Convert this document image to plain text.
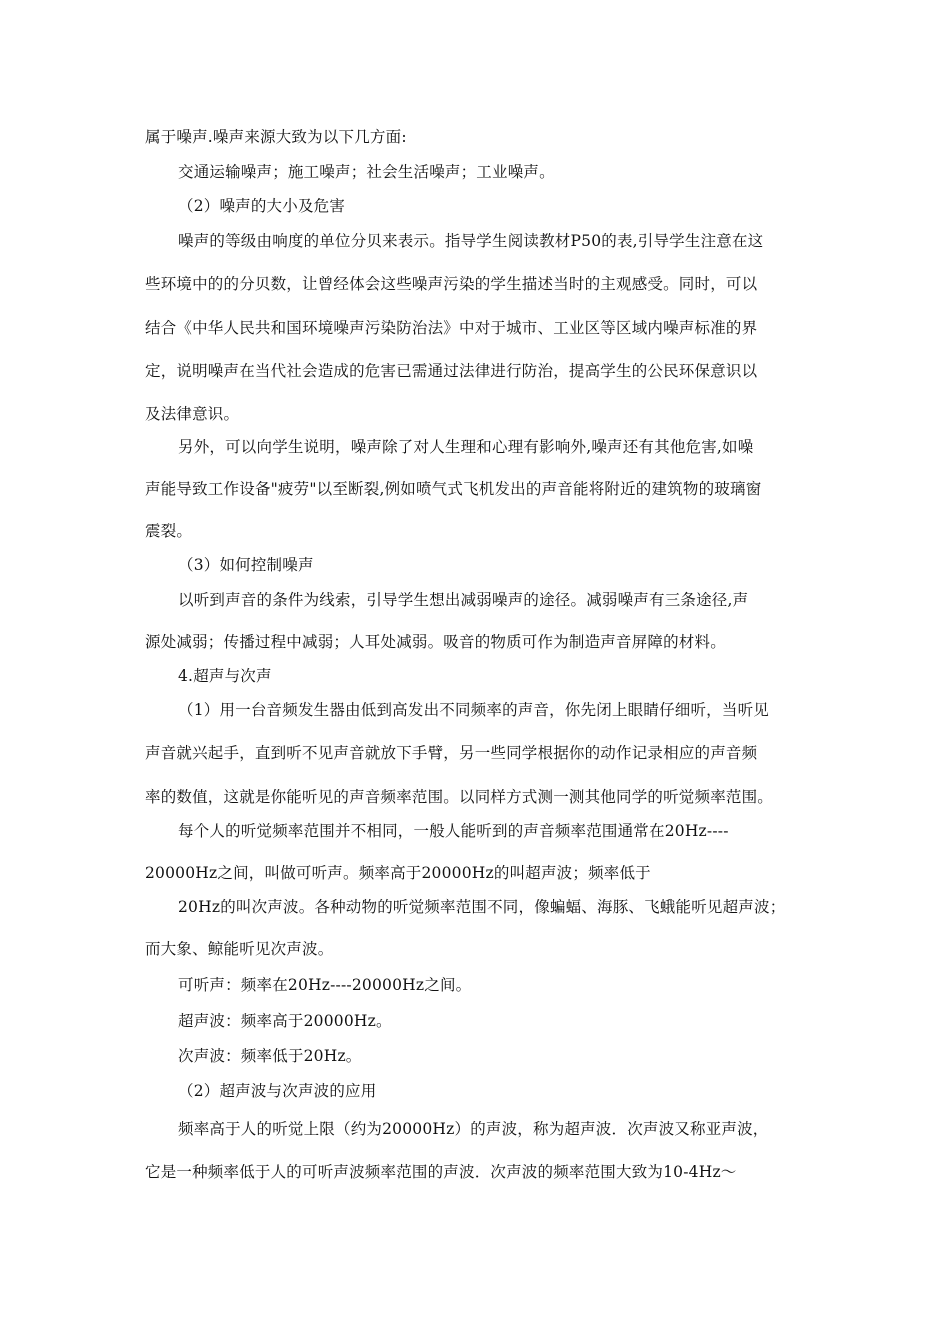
属于噪声.噪声来源大致为以下几方面:
交通运输噪声；施工噪声；社会生活噪声；工业噪声。
（2）噪声的大小及危害
噪声的等级由响度的单位分贝来表示。指导学生阅读教材P50的表,引导学生注意在这
些环境中的的分贝数，让曾经体会这些噪声污染的学生描述当时的主观感受。同时，可以
结合《中华人民共和国环境噪声污染防治法》中对于城市、工业区等区域内噪声标准的界
定，说明噪声在当代社会造成的危害已需通过法律进行防治，提高学生的公民环保意识以
及法律意识。
另外，可以向学生说明，噪声除了对人生理和心理有影响外,噪声还有其他危害,如噪
声能导致工作设备"疲劳"以至断裂,例如喷气式飞机发出的声音能将附近的建筑物的玻璃窗
震裂。
（3）如何控制噪声
以听到声音的条件为线索，引导学生想出减弱噪声的途径。减弱噪声有三条途径,声
源处减弱；传播过程中减弱；人耳处减弱。吸音的物质可作为制造声音屏障的材料。
4.超声与次声
（1）用一台音频发生器由低到高发出不同频率的声音，你先闭上眼睛仔细听，当听见
声音就兴起手，直到听不见声音就放下手臂，另一些同学根据你的动作记录相应的声音频
率的数值，这就是你能听见的声音频率范围。以同样方式测一测其他同学的听觉频率范围。
每个人的听觉频率范围并不相同，一般人能听到的声音频率范围通常在20Hz----
20000Hz之间，叫做可听声。频率高于20000Hz的叫超声波；频率低于
20Hz的叫次声波。各种动物的听觉频率范围不同，像蝙蝠、海豚、飞蛾能听见超声波；
而大象、鲸能听见次声波。
可听声：频率在20Hz----20000Hz之间。
超声波：频率高于20000Hz。
次声波：频率低于20Hz。
（2）超声波与次声波的应用
频率高于人的听觉上限（约为20000Hz）的声波，称为超声波．次声波又称亚声波，
它是一种频率低于人的可听声波频率范围的声波．次声波的频率范围大致为10-4Hz～
